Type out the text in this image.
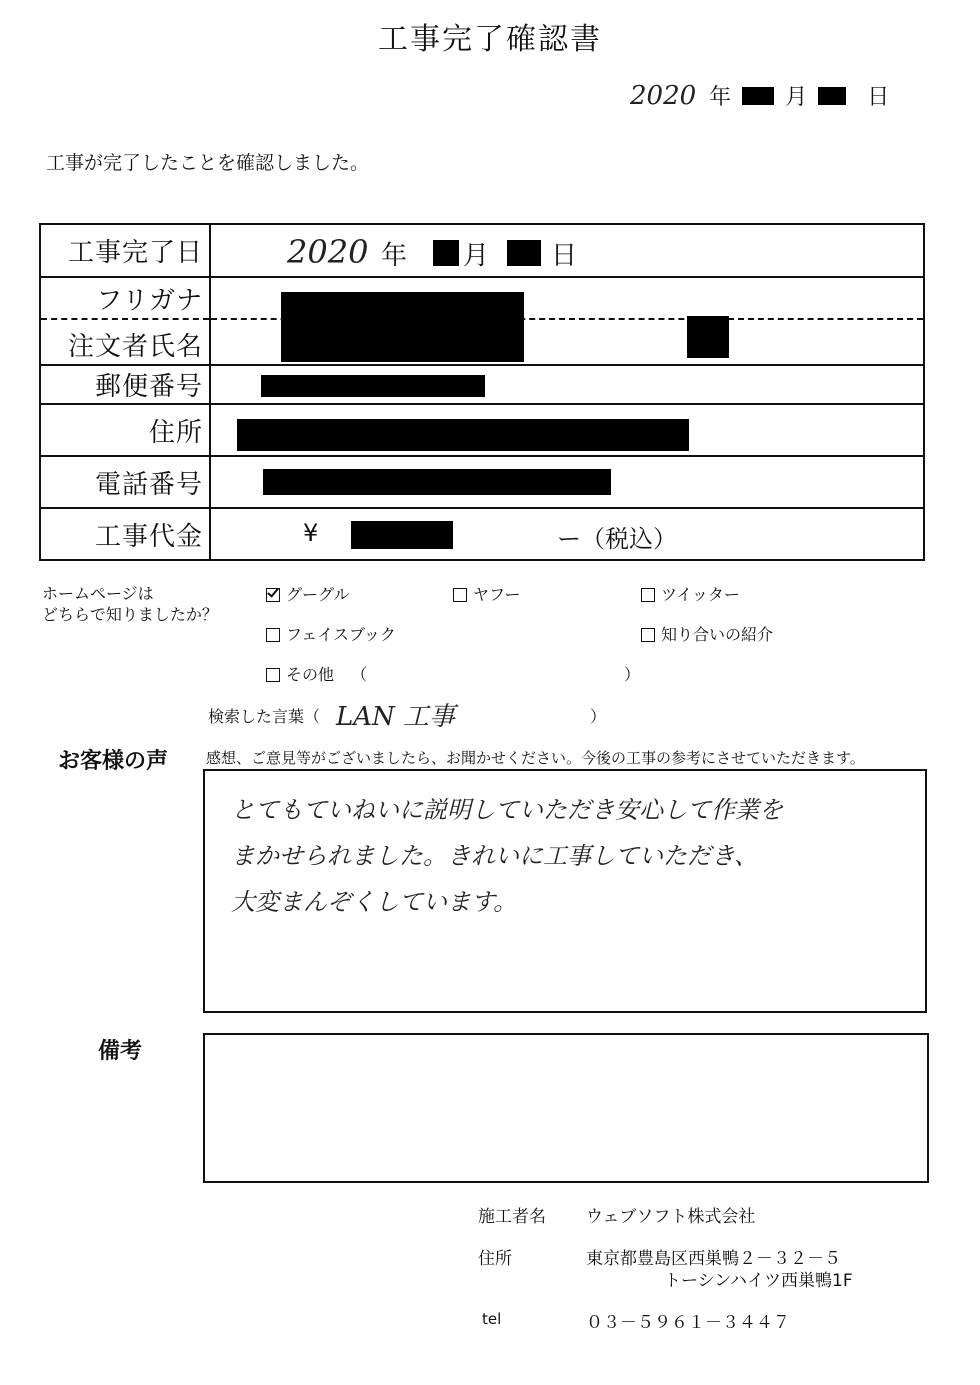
工事完了確認書
2020 年 月	日
工事が完了したことを確認しました。
工事完了日	2020 年 月 日

フリガナ
注文者氏名	

郵便番号	

住所	

電話番号	

工事代金	¥ ー（税込）
ホームページは
どちらで知りましたか？
グーグル	ヤフー	ツイッター
フェイスブック	知り合いの紹介
その他 （	）
検索した言葉（ LAN 工事	）
お客様の声	感想、ご意見等がございましたら、お聞かせください。今後の工事の参考にさせていただきます。
とてもていねいに説明していただき安心して作業を
まかせられました。きれいに工事していただき、
大変まんぞくしています。
備考
施工者名 ウェブソフト株式会社
住所	東京都豊島区西巣鴨２－３２－５
トーシンハイツ西巣鴨1F
tel	０３－５９６１－３４４７
